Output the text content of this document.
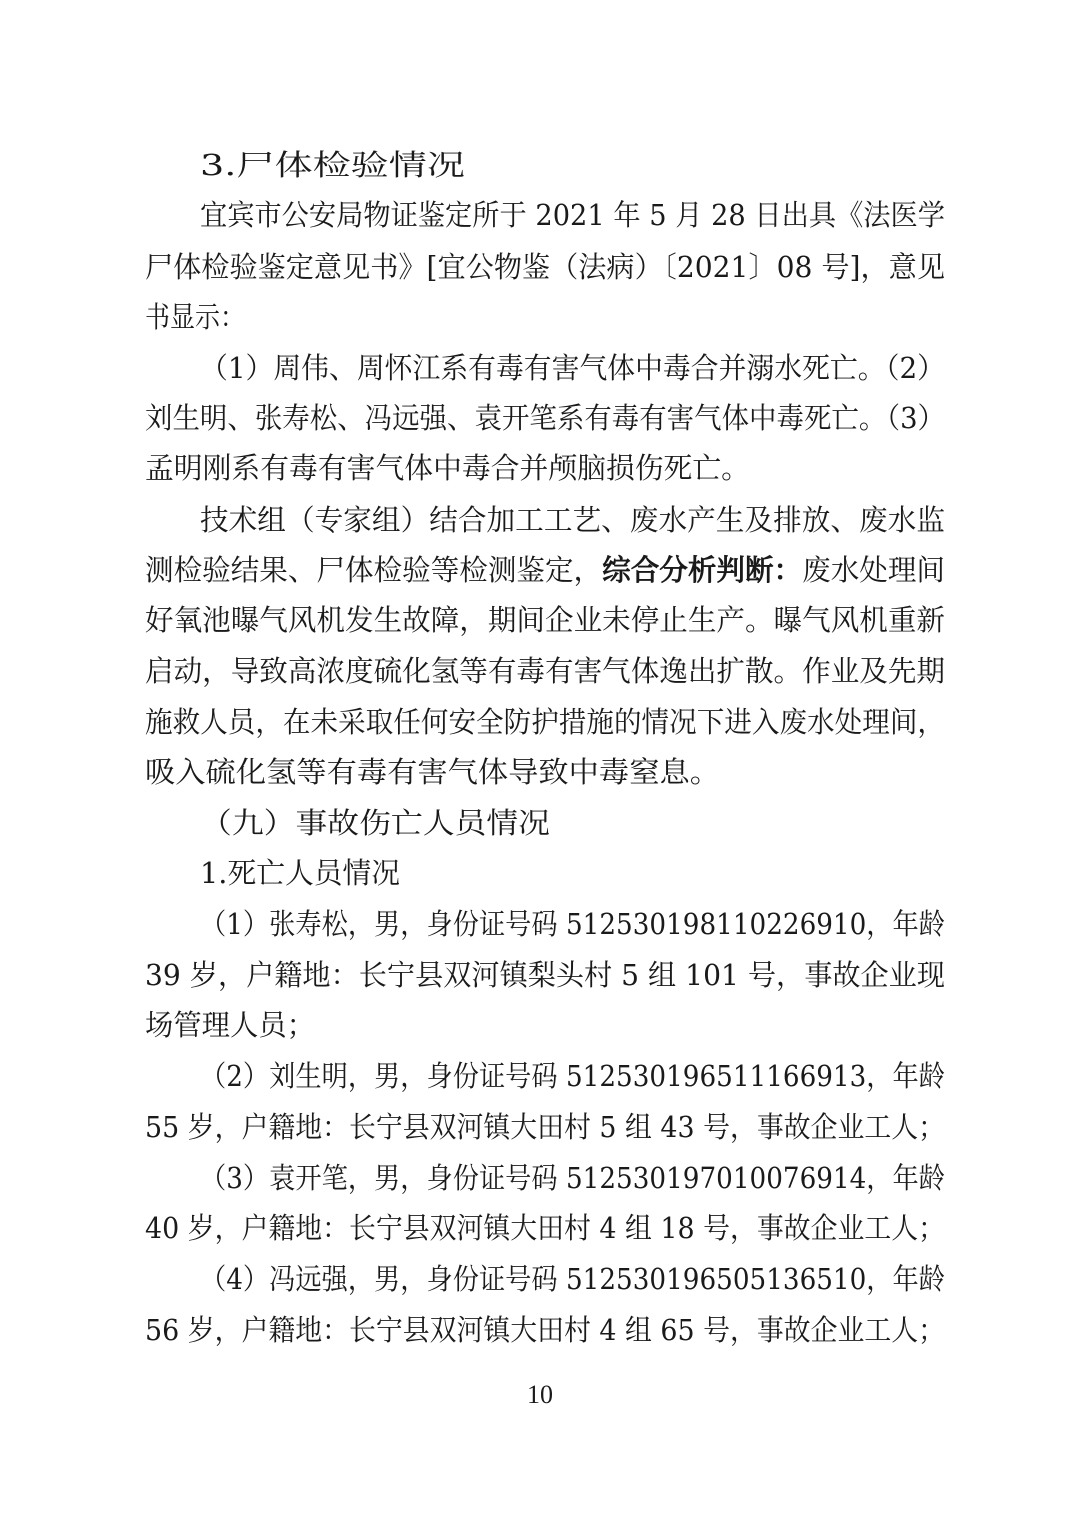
3.尸体检验情况
宜宾市公安局物证鉴定所于 2021 年 5 月 28 日出具《法医学
尸体检验鉴定意见书》[宜公物鉴（法病）〔2021〕08 号]，意见
书显示：
（1）周伟、周怀江系有毒有害气体中毒合并溺水死亡。（2）
刘生明、张寿松、冯远强、袁开笔系有毒有害气体中毒死亡。（3）
孟明刚系有毒有害气体中毒合并颅脑损伤死亡。
技术组（专家组）结合加工工艺、废水产生及排放、废水监
测检验结果、尸体检验等检测鉴定，综合分析判断：废水处理间
好氧池曝气风机发生故障，期间企业未停止生产。曝气风机重新
启动，导致高浓度硫化氢等有毒有害气体逸出扩散。作业及先期
施救人员，在未采取任何安全防护措施的情况下进入废水处理间，
吸入硫化氢等有毒有害气体导致中毒窒息。
（九）事故伤亡人员情况
1.死亡人员情况
（1）张寿松，男，身份证号码 512530198110226910，年龄
39 岁，户籍地：长宁县双河镇梨头村 5 组 101 号，事故企业现
场管理人员；
（2）刘生明，男，身份证号码 512530196511166913，年龄
55 岁，户籍地：长宁县双河镇大田村 5 组 43 号，事故企业工人；
（3）袁开笔，男，身份证号码 512530197010076914，年龄
40 岁，户籍地：长宁县双河镇大田村 4 组 18 号，事故企业工人；
（4）冯远强，男，身份证号码 512530196505136510，年龄
56 岁，户籍地：长宁县双河镇大田村 4 组 65 号，事故企业工人；
10
